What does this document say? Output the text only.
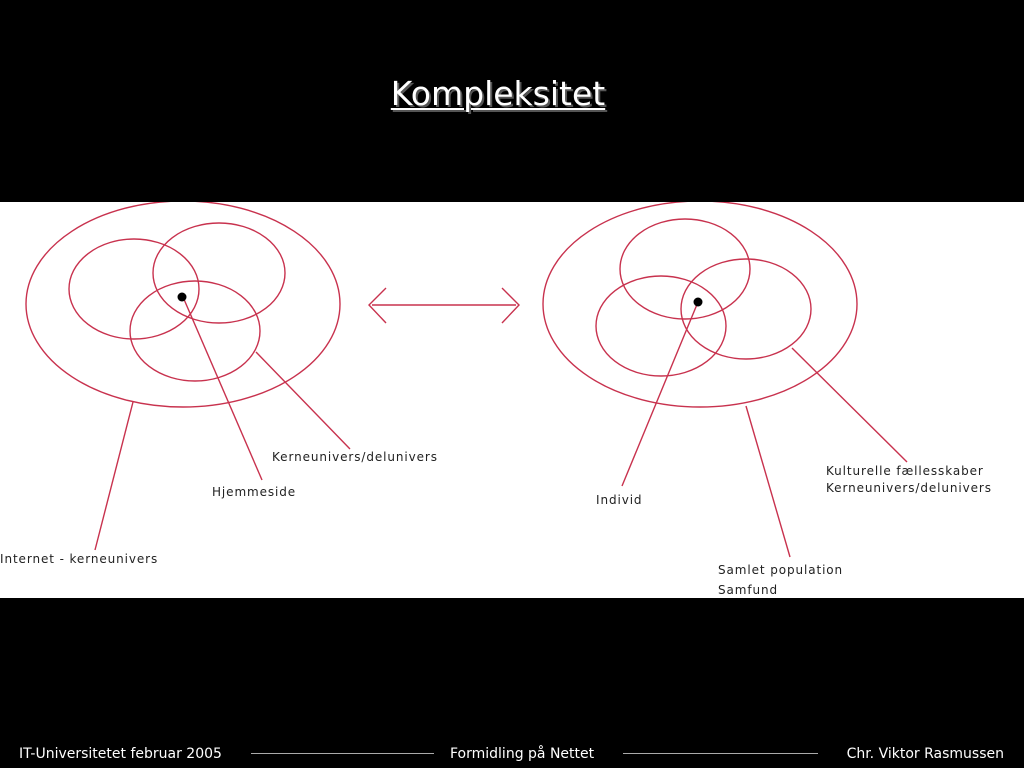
Kompleksitet
Kerneunivers/delunivers
Hjemmeside
Internet - kerneunivers
Individ
Kulturelle fællesskaber
Kerneunivers/delunivers
Samlet population
Samfund
IT-Universitetet februar 2005	Formidling på Nettet	Chr. Viktor Rasmussen
